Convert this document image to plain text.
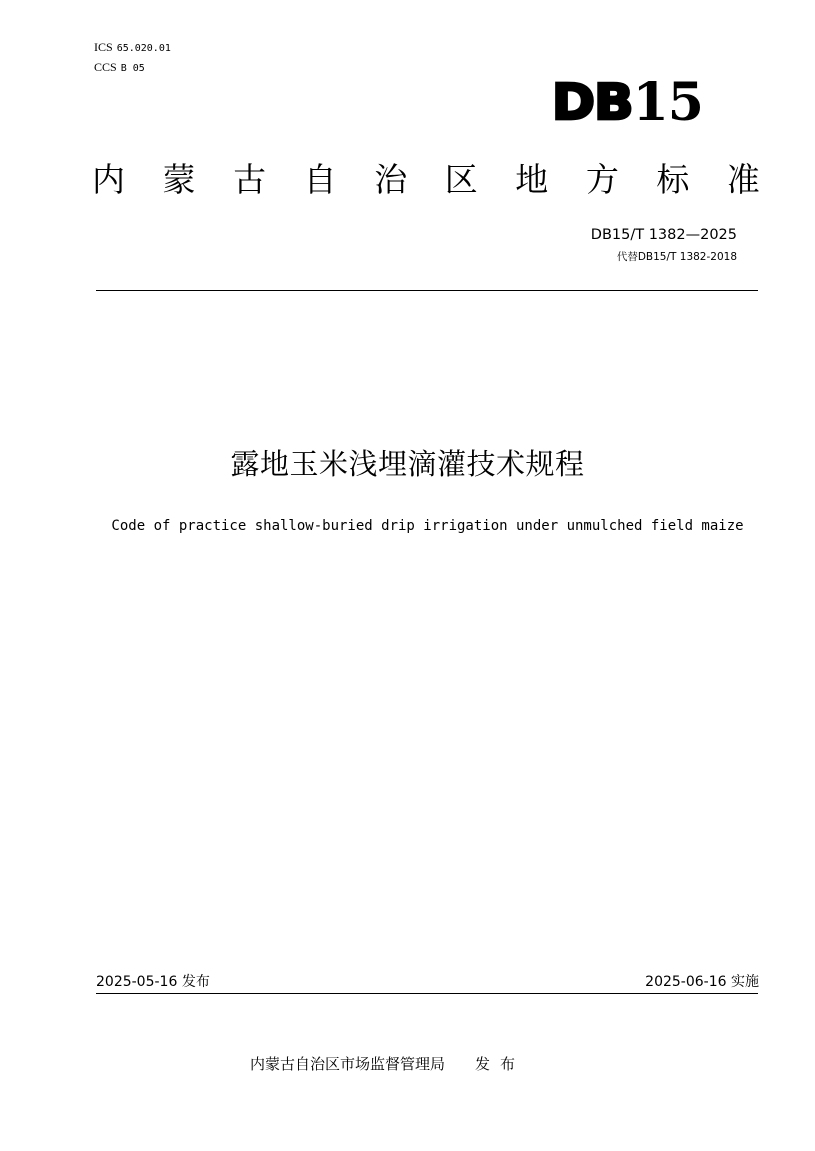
ICS 65.020.01
CCS B 05
DB15
内 蒙 古 自 治 区 地 方 标 准
DB15/T 1382—2025
代替DB15/T 1382-2018
露地玉米浅埋滴灌技术规程
Code of practice shallow-buried drip irrigation under unmulched field maize
2025-05-16 发布	2025-06-16 实施
内蒙古自治区市场监督管理局 发布
